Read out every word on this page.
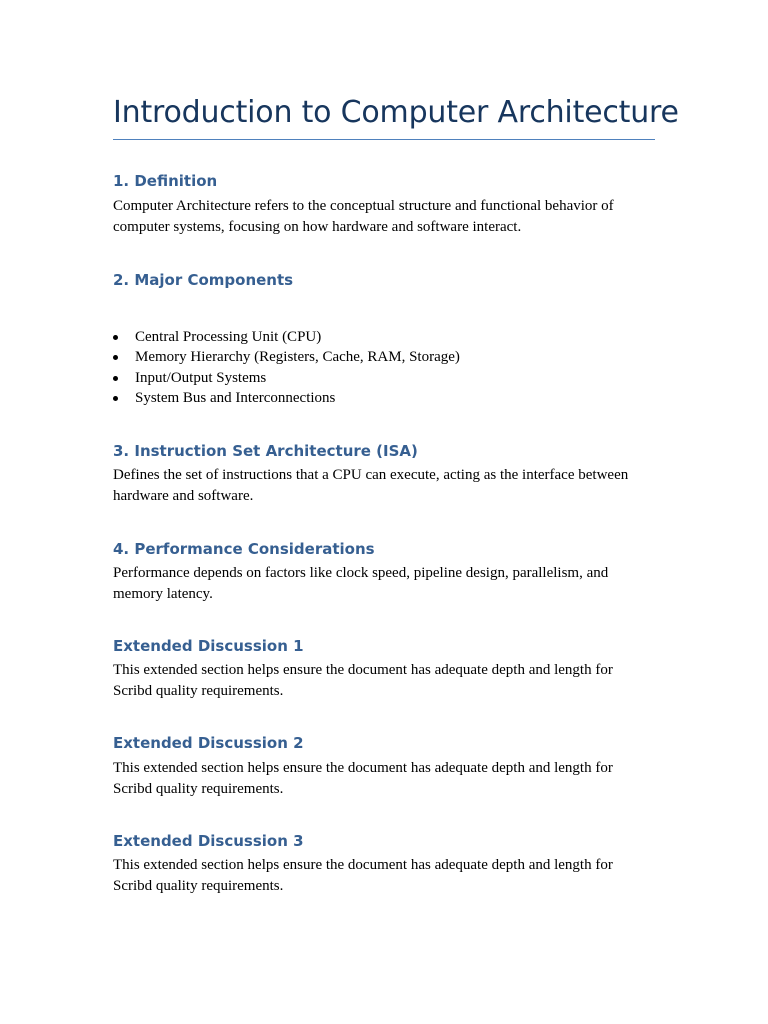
Introduction to Computer Architecture
1. Definition

Computer Architecture refers to the conceptual structure and functional behavior of computer systems, focusing on how hardware and software interact.

2. Major Components
Central Processing Unit (CPU)
Memory Hierarchy (Registers, Cache, RAM, Storage)
Input/Output Systems
System Bus and Interconnections
3. Instruction Set Architecture (ISA)

Defines the set of instructions that a CPU can execute, acting as the interface between hardware and software.

4. Performance Considerations

Performance depends on factors like clock speed, pipeline design, parallelism, and memory latency.

Extended Discussion 1

This extended section helps ensure the document has adequate depth and length for Scribd quality requirements.

Extended Discussion 2

This extended section helps ensure the document has adequate depth and length for Scribd quality requirements.

Extended Discussion 3

This extended section helps ensure the document has adequate depth and length for Scribd quality requirements.
